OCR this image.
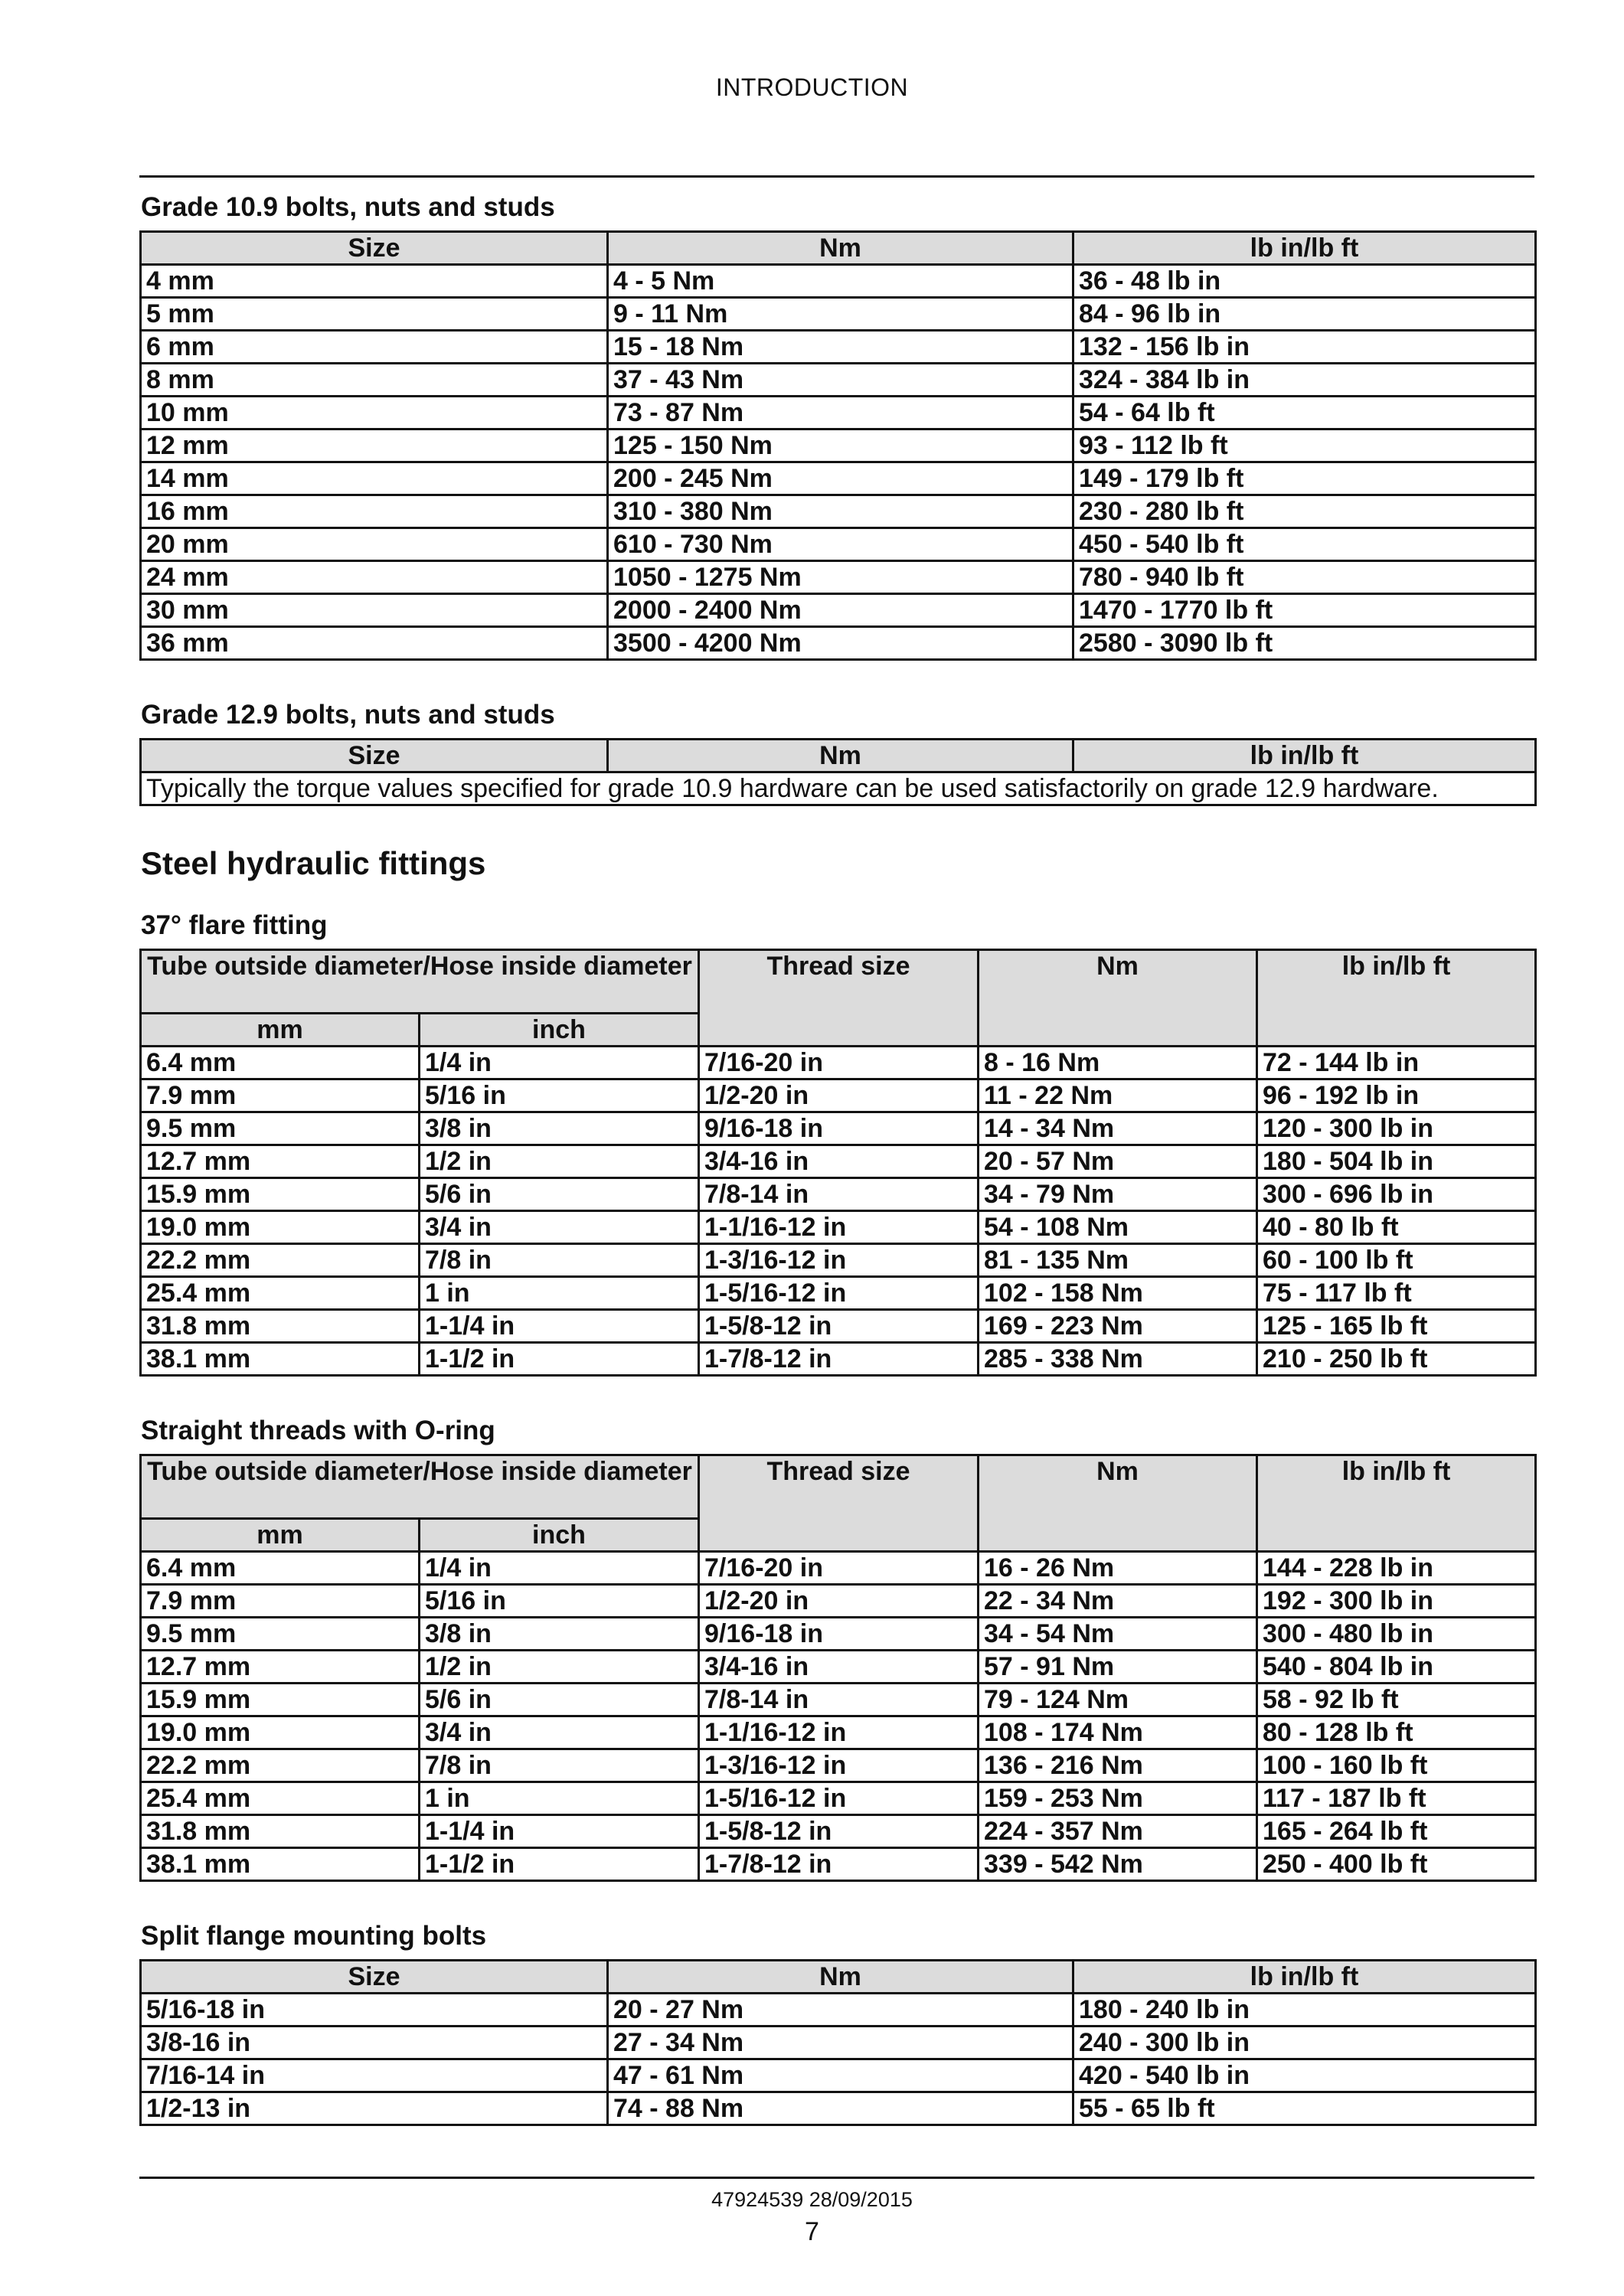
INTRODUCTION
Grade 10.9 bolts, nuts and studs
Size	Nm	lb in/lb ft
4 mm	4 - 5 Nm	36 - 48 lb in
5 mm	9 - 11 Nm	84 - 96 lb in
6 mm	15 - 18 Nm	132 - 156 lb in
8 mm	37 - 43 Nm	324 - 384 lb in
10 mm	73 - 87 Nm	54 - 64 lb ft
12 mm	125 - 150 Nm	93 - 112 lb ft
14 mm	200 - 245 Nm	149 - 179 lb ft
16 mm	310 - 380 Nm	230 - 280 lb ft
20 mm	610 - 730 Nm	450 - 540 lb ft
24 mm	1050 - 1275 Nm	780 - 940 lb ft
30 mm	2000 - 2400 Nm	1470 - 1770 lb ft
36 mm	3500 - 4200 Nm	2580 - 3090 lb ft
Grade 12.9 bolts, nuts and studs
Size	Nm	lb in/lb ft
Typically the torque values specified for grade 10.9 hardware can be used satisfactorily on grade 12.9 hardware.
Steel hydraulic fittings
37° flare fitting
Tube outside diameter/Hose inside diameter		Thread size	Nm	lb in/lb ft
mm	inch			
6.4 mm	1/4 in	7/16-20 in	8 - 16 Nm	72 - 144 lb in
7.9 mm	5/16 in	1/2-20 in	11 - 22 Nm	96 - 192 lb in
9.5 mm	3/8 in	9/16-18 in	14 - 34 Nm	120 - 300 lb in
12.7 mm	1/2 in	3/4-16 in	20 - 57 Nm	180 - 504 lb in
15.9 mm	5/6 in	7/8-14 in	34 - 79 Nm	300 - 696 lb in
19.0 mm	3/4 in	1-1/16-12 in	54 - 108 Nm	40 - 80 lb ft
22.2 mm	7/8 in	1-3/16-12 in	81 - 135 Nm	60 - 100 lb ft
25.4 mm	1 in	1-5/16-12 in	102 - 158 Nm	75 - 117 lb ft
31.8 mm	1-1/4 in	1-5/8-12 in	169 - 223 Nm	125 - 165 lb ft
38.1 mm	1-1/2 in	1-7/8-12 in	285 - 338 Nm	210 - 250 lb ft
Straight threads with O-ring
Tube outside diameter/Hose inside diameter		Thread size	Nm	lb in/lb ft
mm	inch			
6.4 mm	1/4 in	7/16-20 in	16 - 26 Nm	144 - 228 lb in
7.9 mm	5/16 in	1/2-20 in	22 - 34 Nm	192 - 300 lb in
9.5 mm	3/8 in	9/16-18 in	34 - 54 Nm	300 - 480 lb in
12.7 mm	1/2 in	3/4-16 in	57 - 91 Nm	540 - 804 lb in
15.9 mm	5/6 in	7/8-14 in	79 - 124 Nm	58 - 92 lb ft
19.0 mm	3/4 in	1-1/16-12 in	108 - 174 Nm	80 - 128 lb ft
22.2 mm	7/8 in	1-3/16-12 in	136 - 216 Nm	100 - 160 lb ft
25.4 mm	1 in	1-5/16-12 in	159 - 253 Nm	117 - 187 lb ft
31.8 mm	1-1/4 in	1-5/8-12 in	224 - 357 Nm	165 - 264 lb ft
38.1 mm	1-1/2 in	1-7/8-12 in	339 - 542 Nm	250 - 400 lb ft
Split flange mounting bolts
Size	Nm	lb in/lb ft
5/16-18 in	20 - 27 Nm	180 - 240 lb in
3/8-16 in	27 - 34 Nm	240 - 300 lb in
7/16-14 in	47 - 61 Nm	420 - 540 lb in
1/2-13 in	74 - 88 Nm	55 - 65 lb ft
47924539 28/09/2015
7
